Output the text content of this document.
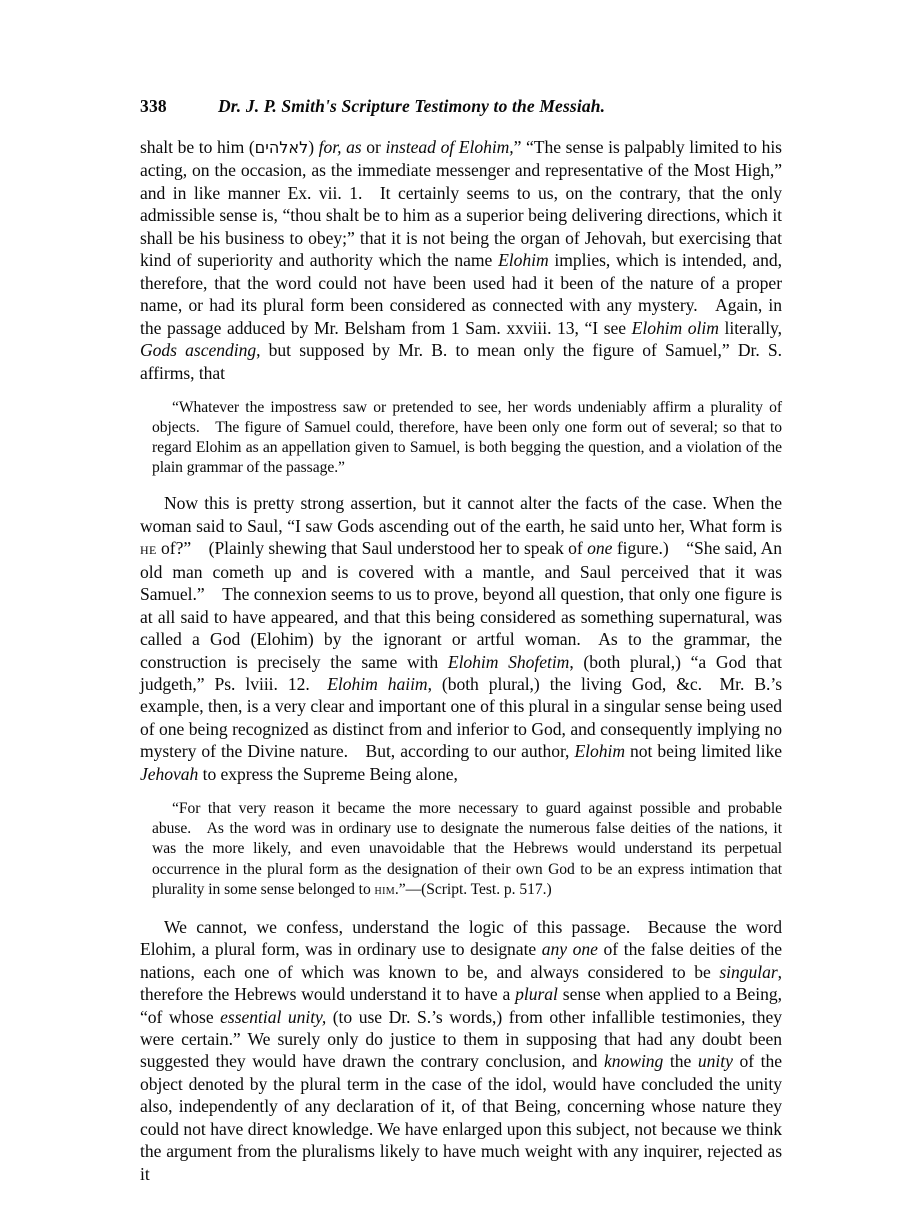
338	Dr. J. P. Smith's Scripture Testimony to the Messiah.

shalt be to him (לאלהים) for, as or instead of Elohim,” “The sense is palpably limited to his acting, on the occasion, as the immediate messenger and representative of the Most High,” and in like manner Ex. vii. 1. It certainly seems to us, on the contrary, that the only admissible sense is, “thou shalt be to him as a superior being delivering directions, which it shall be his business to obey;” that it is not being the organ of Jehovah, but exercising that kind of superiority and authority which the name Elohim implies, which is intended, and, therefore, that the word could not have been used had it been of the nature of a proper name, or had its plural form been considered as connected with any mystery. Again, in the passage adduced by Mr. Belsham from 1 Sam. xxviii. 13, “I see Elohim olim literally, Gods ascending, but supposed by Mr. B. to mean only the figure of Samuel,” Dr. S. affirms, that

“Whatever the impostress saw or pretended to see, her words undeniably affirm a plurality of objects. The figure of Samuel could, therefore, have been only one form out of several; so that to regard Elohim as an appellation given to Samuel, is both begging the question, and a violation of the plain grammar of the passage.”

Now this is pretty strong assertion, but it cannot alter the facts of the case. When the woman said to Saul, “I saw Gods ascending out of the earth, he said unto her, What form is he of?” (Plainly shewing that Saul understood her to speak of one figure.) “She said, An old man cometh up and is covered with a mantle, and Saul perceived that it was Samuel.” The connexion seems to us to prove, beyond all question, that only one figure is at all said to have appeared, and that this being considered as something supernatural, was called a God (Elohim) by the ignorant or artful woman. As to the grammar, the construction is precisely the same with Elohim Shofetim, (both plural,) “a God that judgeth,” Ps. lviii. 12. Elohim haiim, (both plural,) the living God, &c. Mr. B.’s example, then, is a very clear and important one of this plural in a singular sense being used of one being recognized as distinct from and inferior to God, and consequently implying no mystery of the Divine nature. But, according to our author, Elohim not being limited like Jehovah to express the Supreme Being alone,

“For that very reason it became the more necessary to guard against possible and probable abuse. As the word was in ordinary use to designate the numerous false deities of the nations, it was the more likely, and even unavoidable that the Hebrews would understand its perpetual occurrence in the plural form as the designation of their own God to be an express intimation that plurality in some sense belonged to him.”—(Script. Test. p. 517.)

We cannot, we confess, understand the logic of this passage. Because the word Elohim, a plural form, was in ordinary use to designate any one of the false deities of the nations, each one of which was known to be, and always considered to be singular, therefore the Hebrews would understand it to have a plural sense when applied to a Being, “of whose essential unity, (to use Dr. S.’s words,) from other infallible testimonies, they were certain.” We surely only do justice to them in supposing that had any doubt been suggested they would have drawn the contrary conclusion, and knowing the unity of the object denoted by the plural term in the case of the idol, would have concluded the unity also, independently of any declaration of it, of that Being, concerning whose nature they could not have direct knowledge. We have enlarged upon this subject, not because we think the argument from the pluralisms likely to have much weight with any inquirer, rejected as it
